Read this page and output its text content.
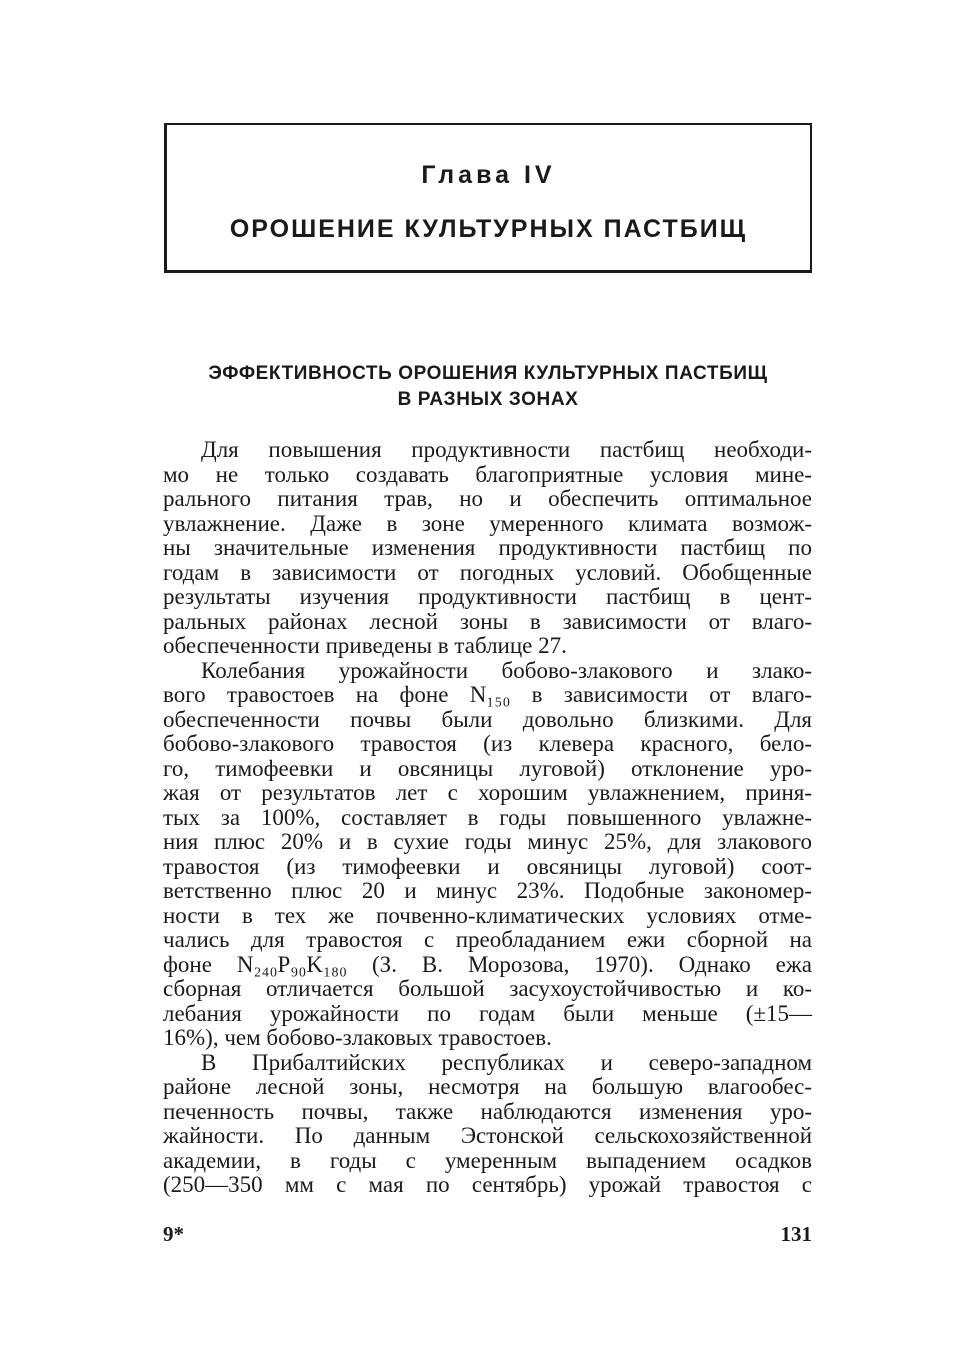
Глава IV
ОРОШЕНИЕ КУЛЬТУРНЫХ ПАСТБИЩ
ЭФФЕКТИВНОСТЬ ОРОШЕНИЯ КУЛЬТУРНЫХ ПАСТБИЩ
В РАЗНЫХ ЗОНАХ
Для повышения продуктивности пастбищ необходи-
мо не только создавать благоприятные условия мине-
рального питания трав, но и обеспечить оптимальное
увлажнение. Даже в зоне умеренного климата возмож-
ны значительные изменения продуктивности пастбищ по
годам в зависимости от погодных условий. Обобщенные
результаты изучения продуктивности пастбищ в цент-
ральных районах лесной зоны в зависимости от влаго-
обеспеченности приведены в таблице 27.
Колебания урожайности бобово-злакового и злако-
вого травостоев на фоне N₁₅₀ в зависимости от влаго-
обеспеченности почвы были довольно близкими. Для
бобово-злакового травостоя (из клевера красного, бело-
го, тимофеевки и овсяницы луговой) отклонение уро-
жая от результатов лет с хорошим увлажнением, приня-
тых за 100%, составляет в годы повышенного увлажне-
ния плюс 20% и в сухие годы минус 25%, для злакового
травостоя (из тимофеевки и овсяницы луговой) соот-
ветственно плюс 20 и минус 23%. Подобные закономер-
ности в тех же почвенно-климатических условиях отме-
чались для травостоя с преобладанием ежи сборной на
фоне N₂₄₀P₉₀K₁₈₀ (З. В. Морозова, 1970). Однако ежа
сборная отличается большой засухоустойчивостью и ко-
лебания урожайности по годам были меньше (±15—
16%), чем бобово-злаковых травостоев.
В Прибалтийских республиках и северо-западном
районе лесной зоны, несмотря на большую влагообес-
печенность почвы, также наблюдаются изменения уро-
жайности. По данным Эстонской сельскохозяйственной
академии, в годы с умеренным выпадением осадков
(250—350 мм с мая по сентябрь) урожай травостоя с
9*	131
